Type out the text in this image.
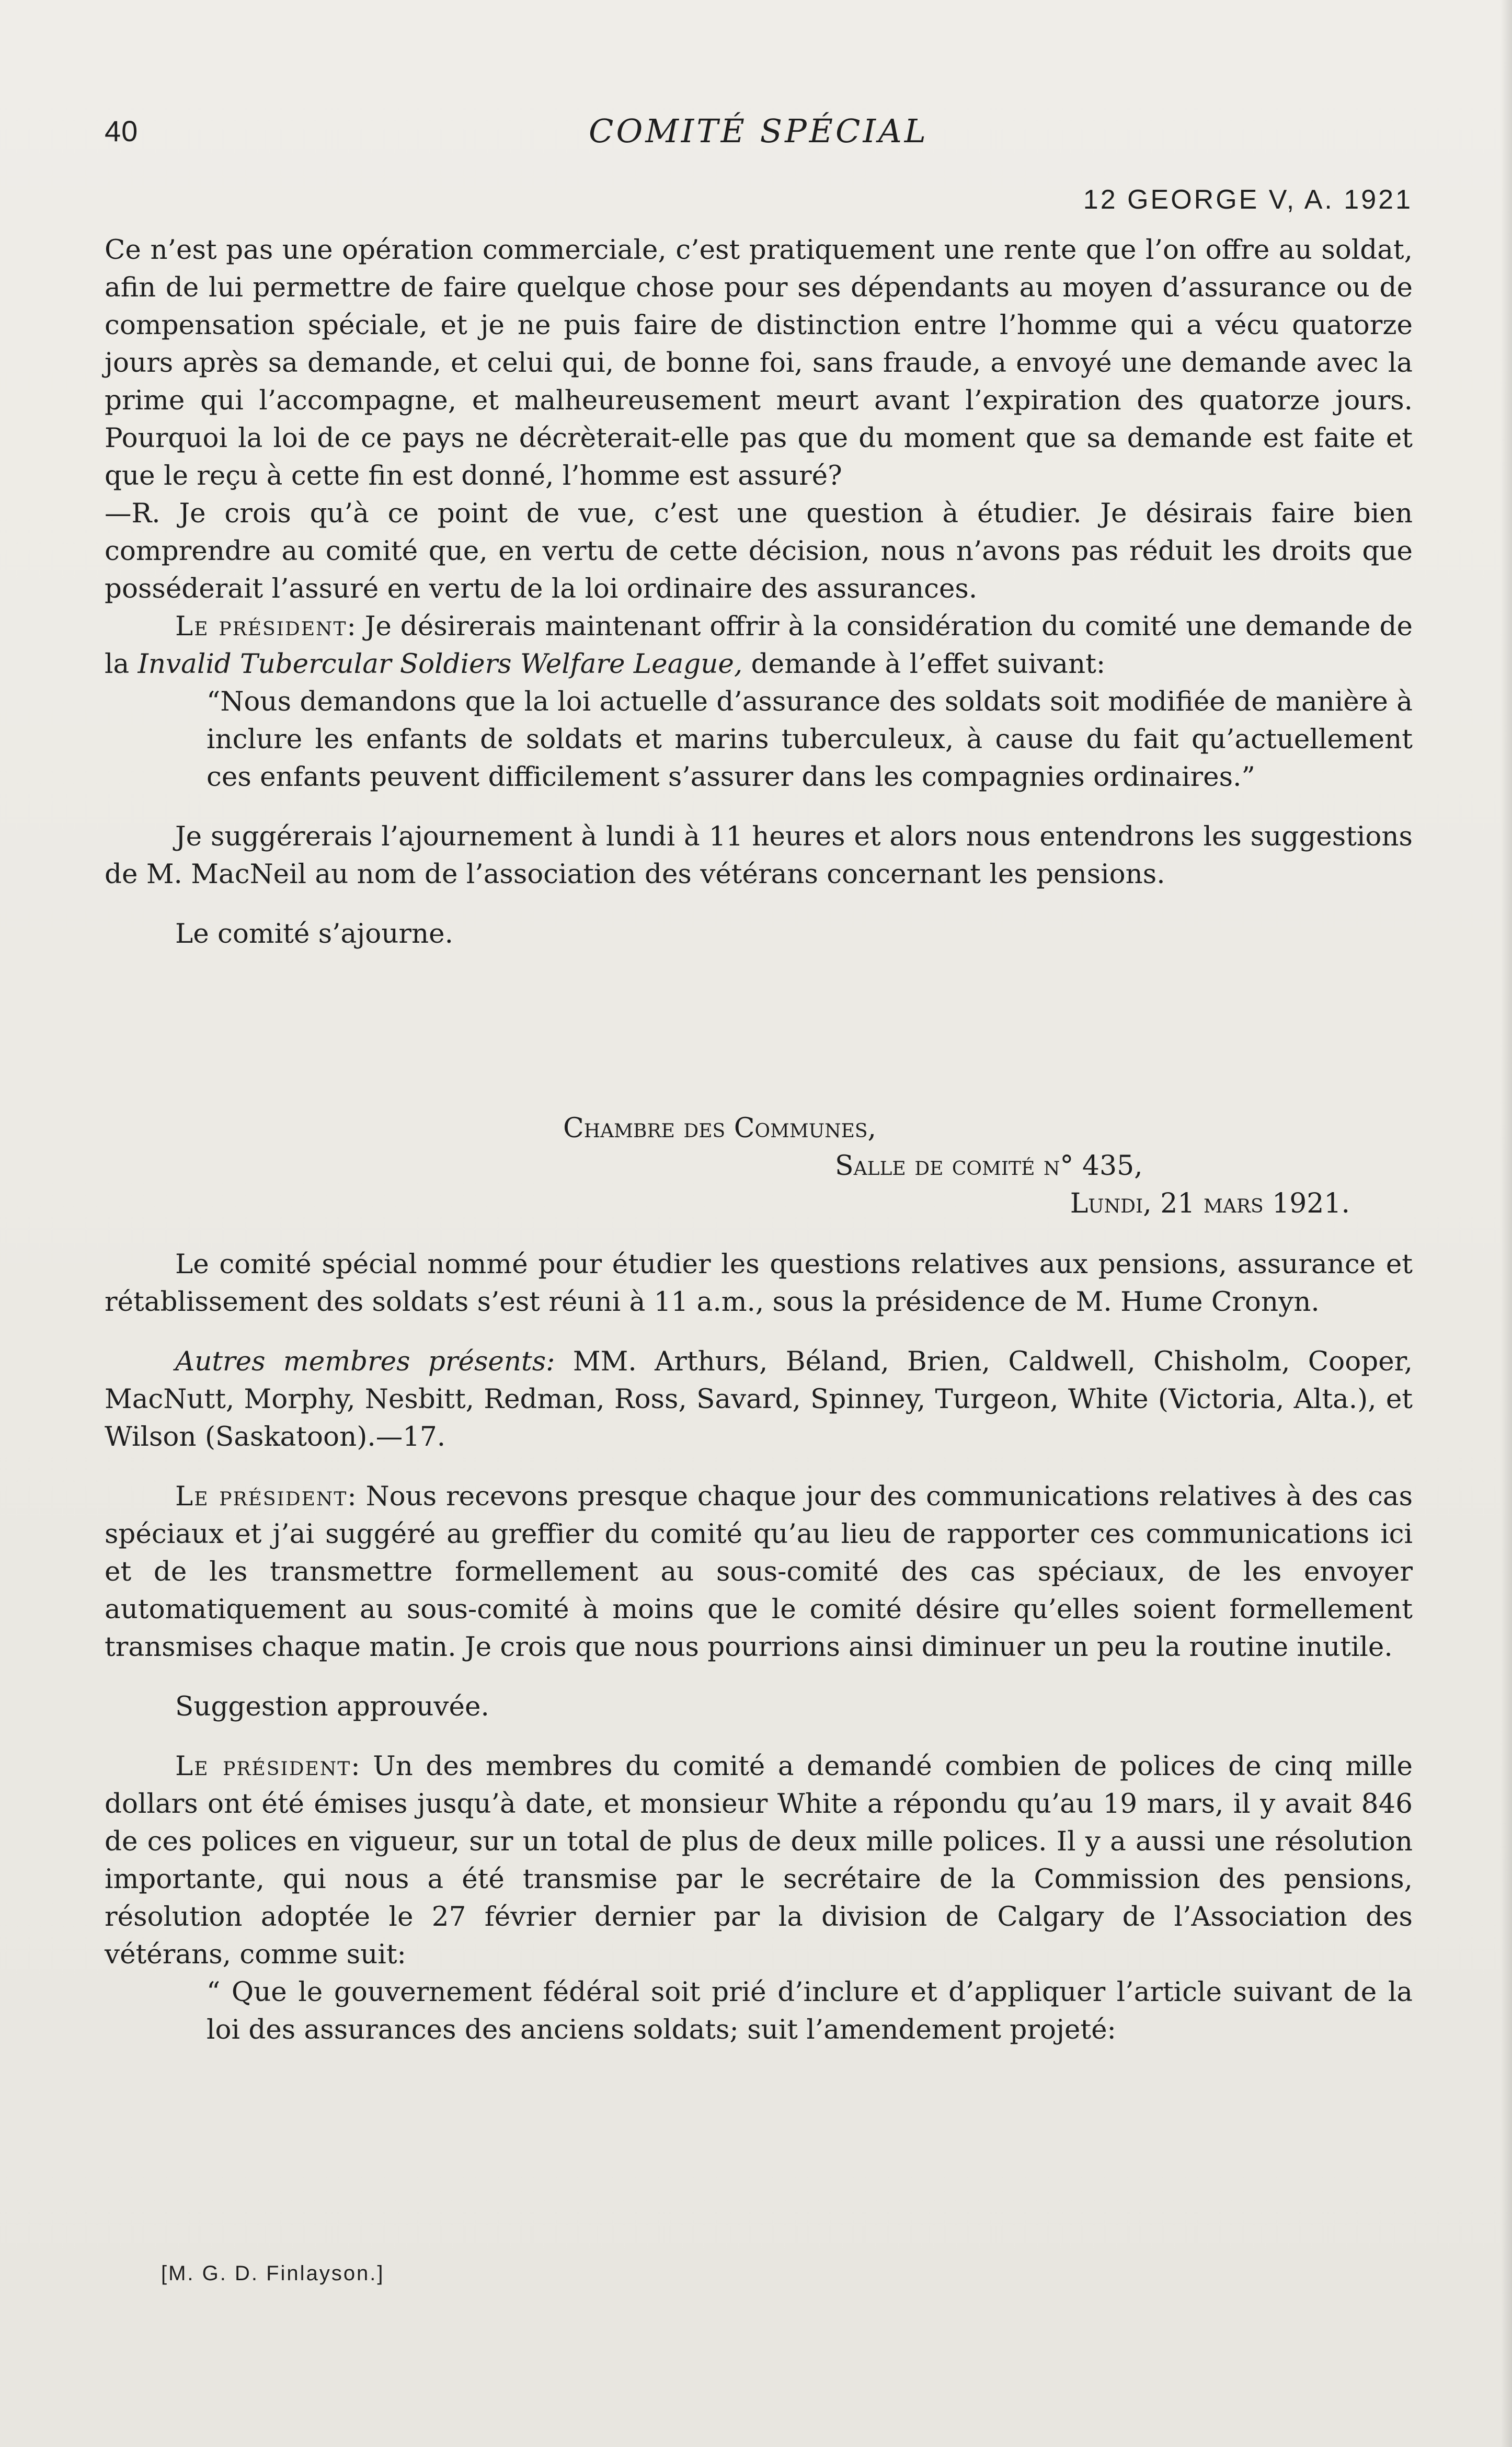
40	COMITÉ SPÉCIAL
12 GEORGE V, A. 1921

Ce n’est pas une opération commerciale, c’est pratiquement une rente que l’on offre au soldat, afin de lui permettre de faire quelque chose pour ses dépendants au moyen d’assurance ou de compensation spéciale, et je ne puis faire de distinction entre l’homme qui a vécu quatorze jours après sa demande, et celui qui, de bonne foi, sans fraude, a envoyé une demande avec la prime qui l’accompagne, et malheureusement meurt avant l’expiration des quatorze jours. Pourquoi la loi de ce pays ne décrèterait-elle pas que du moment que sa demande est faite et que le reçu à cette fin est donné, l’homme est assuré?

—R. Je crois qu’à ce point de vue, c’est une question à étudier. Je désirais faire bien comprendre au comité que, en vertu de cette décision, nous n’avons pas réduit les droits que posséderait l’assuré en vertu de la loi ordinaire des assurances.

Le président: Je désirerais maintenant offrir à la considération du comité une demande de la Invalid Tubercular Soldiers Welfare League, demande à l’effet suivant:

“Nous demandons que la loi actuelle d’assurance des soldats soit modifiée de manière à inclure les enfants de soldats et marins tuberculeux, à cause du fait qu’actuellement ces enfants peuvent difficilement s’assurer dans les compagnies ordinaires.”

Je suggérerais l’ajournement à lundi à 11 heures et alors nous entendrons les suggestions de M. MacNeil au nom de l’association des vétérans concernant les pensions.

Le comité s’ajourne.

Chambre des Communes,
Salle de comité n° 435,
Lundi, 21 mars 1921.

Le comité spécial nommé pour étudier les questions relatives aux pensions, assurance et rétablissement des soldats s’est réuni à 11 a.m., sous la présidence de M. Hume Cronyn.

Autres membres présents: MM. Arthurs, Béland, Brien, Caldwell, Chisholm, Cooper, MacNutt, Morphy, Nesbitt, Redman, Ross, Savard, Spinney, Turgeon, White (Victoria, Alta.), et Wilson (Saskatoon).—17.

Le président: Nous recevons presque chaque jour des communications relatives à des cas spéciaux et j’ai suggéré au greffier du comité qu’au lieu de rapporter ces communications ici et de les transmettre formellement au sous-comité des cas spéciaux, de les envoyer automatiquement au sous-comité à moins que le comité désire qu’elles soient formellement transmises chaque matin. Je crois que nous pourrions ainsi diminuer un peu la routine inutile.

Suggestion approuvée.

Le président: Un des membres du comité a demandé combien de polices de cinq mille dollars ont été émises jusqu’à date, et monsieur White a répondu qu’au 19 mars, il y avait 846 de ces polices en vigueur, sur un total de plus de deux mille polices. Il y a aussi une résolution importante, qui nous a été transmise par le secrétaire de la Commission des pensions, résolution adoptée le 27 février dernier par la division de Calgary de l’Association des vétérans, comme suit:

“ Que le gouvernement fédéral soit prié d’inclure et d’appliquer l’article suivant de la loi des assurances des anciens soldats; suit l’amendement projeté:

[M. G. D. Finlayson.]
